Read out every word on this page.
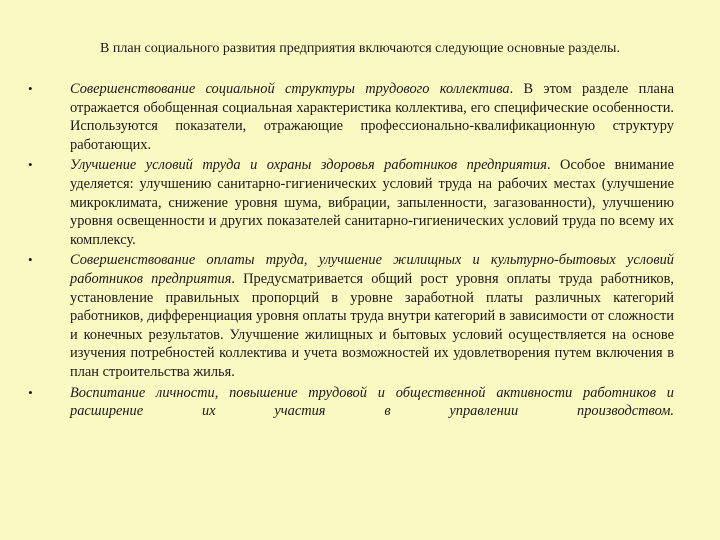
В план социального развития предприятия включаются следующие основные разделы.
•	Совершенствование социальной структуры трудового коллектива. В этом разделе плана отражается обобщенная социальная характеристика коллектива, его специфические особенности. Используются показатели, отражающие профессионально-квалификационную структуру работающих.
•	Улучшение условий труда и охраны здоровья работников предприятия. Особое внимание уделяется: улучшению санитарно-гигиенических условий труда на рабочих местах (улучшение микроклимата, снижение уровня шума, вибрации, запыленности, загазованности), улучшению уровня освещенности и других показателей санитарно-гигиенических условий труда по всему их комплексу.
•	Совершенствование оплаты труда, улучшение жилищных и культурно-бытовых условий работников предприятия. Предусматривается общий рост уровня оплаты труда работников, установление правильных пропорций в уровне заработной платы различных категорий работников, дифференциация уровня оплаты труда внутри категорий в зависимости от сложности и конечных результатов. Улучшение жилищных и бытовых условий осуществляется на основе изучения потребностей коллектива и учета возможностей их удовлетворения путем включения в план строительства жилья.
•	Воспитание личности, повышение трудовой и общественной активности работников и расширение их участия в управлении производством.
